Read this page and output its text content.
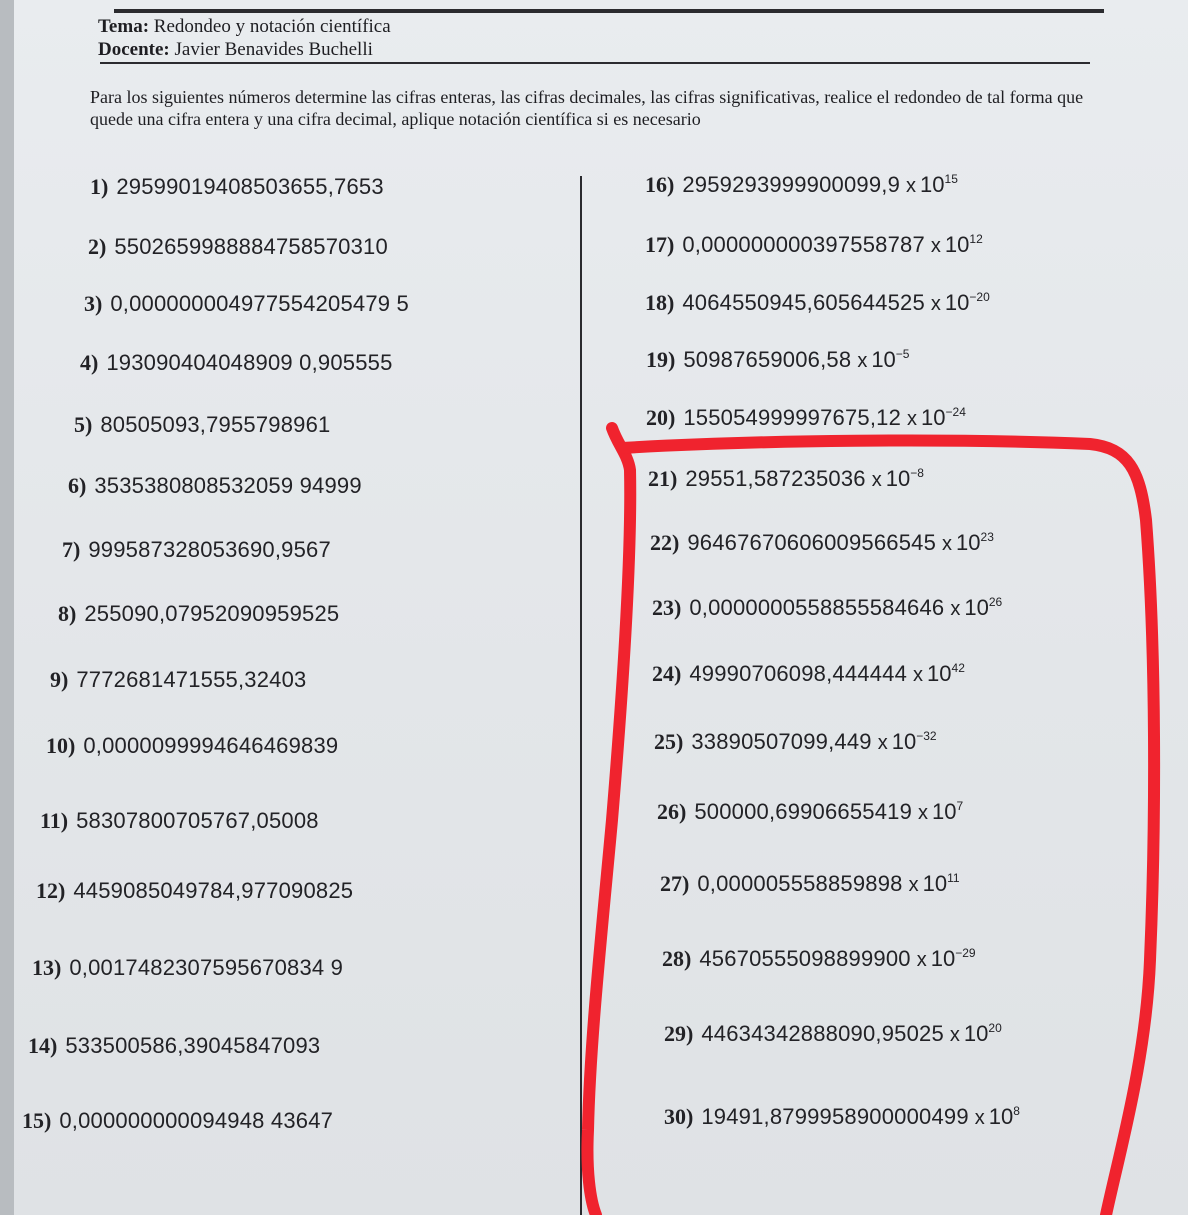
Tema: Redondeo y notación científica
Docente: Javier Benavides Buchelli
Para los siguientes números determine las cifras enteras, las cifras decimales, las cifras significativas, realice el redondeo de tal forma que quede una cifra entera y una cifra decimal, aplique notación científica si es necesario
1) 29599019408503655,7653
2) 5502659988884758570310
3) 0,000000004977554205479 5
4) 193090404048909 0,905555
5) 80505093,7955798961
6) 3535380808532059 94999
7) 999587328053690,9567
8) 255090,07952090959525
9) 7772681471555,32403
10) 0,0000099994646469839
11) 58307800705767,05008
12) 4459085049784,977090825
13) 0,0017482307595670834 9
14) 533500586,39045847093
15) 0,000000000094948 43647
16) 2959293999900099,9 x $10^{15}$
17) 0,000000000397558787 x $10^{12}$
18) 4064550945,605644525 x $10^{-20}$
19) 50987659006,58 x $10^{-5}$
20) 155054999997675,12 x $10^{-24}$
21) 29551,587235036 x $10^{-8}$
22) 96467670606009566545 x $10^{23}$
23) 0,0000000558855584646 x $10^{26}$
24) 49990706098,444444 x $10^{42}$
25) 33890507099,449 x $10^{-32}$
26) 500000,69906655419 x $10^7$
27) 0,000005558859898 x $10^{11}$
28) 45670555098899900 x $10^{-29}$
29) 44634342888090,95025 x $10^{20}$
30) 19491,8799958900000499 x $10^8$
